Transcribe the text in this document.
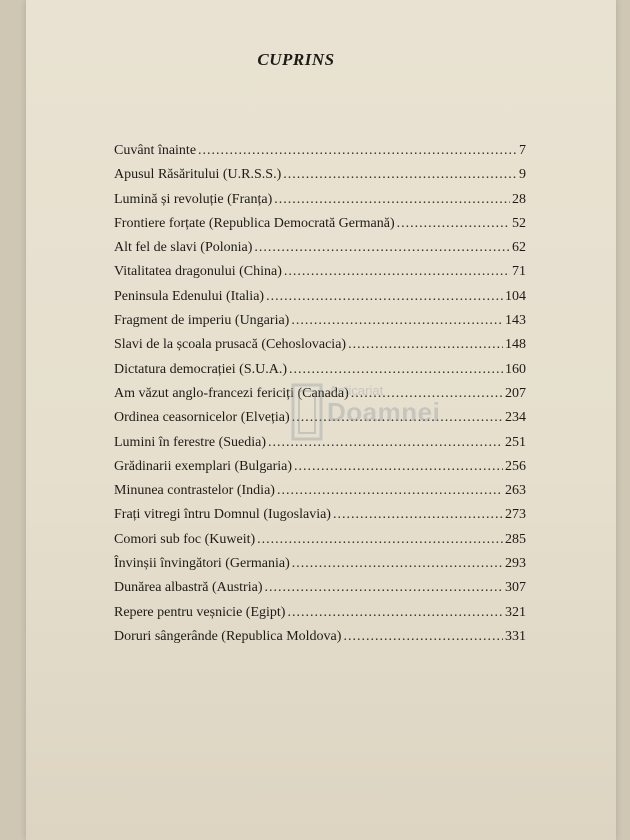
CUPRINS
Cuvânt înainte .....	7
Apusul Răsăritului (U.R.S.S.) .....	9
Lumină și revoluție (Franța) .....	28
Frontiere forțate (Republica Democrată Germană) .....	52
Alt fel de slavi (Polonia) .....	62
Vitalitatea dragonului (China) .....	71
Peninsula Edenului (Italia) .....	104
Fragment de imperiu (Ungaria) .....	143
Slavi de la școala prusacă (Cehoslovacia) .....	148
Dictatura democrației (S.U.A.) .....	160
Am văzut anglo-francezi fericiți (Canada) .....	207
Ordinea ceasornicelor (Elveția) .....	234
Lumini în ferestre (Suedia) .....	251
Grădinarii exemplari (Bulgaria) .....	256
Minunea contrastelor (India) .....	263
Frați vitregi întru Domnul (Iugoslavia) .....	273
Comori sub foc (Kuweit) .....	285
Învinșii învingători (Germania) .....	293
Dunărea albastră (Austria) .....	307
Repere pentru veșnicie (Egipt) .....	321
Doruri sângerânde (Republica Moldova) .....	331
Anticariat
Doamnei
